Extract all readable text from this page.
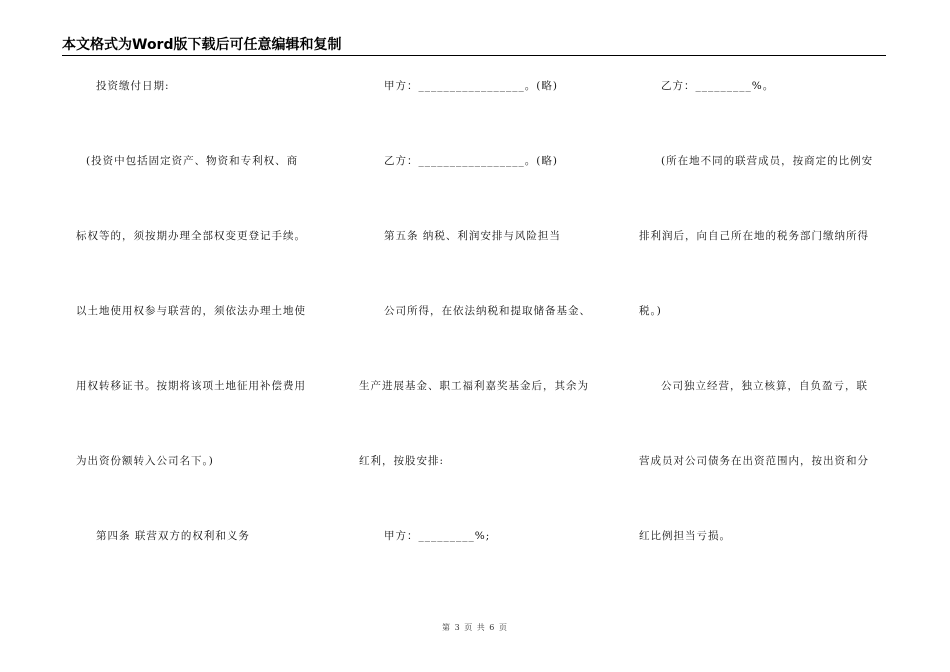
本文格式为Word版下载后可任意编辑和复制
投资缴付日期:
(投资中包括固定资产、物资和专利权、商
标权等的，须按期办理全部权变更登记手续。
以土地使用权参与联营的，须依法办理土地使
用权转移证书。按期将该项土地征用补偿费用
为出资份额转入公司名下。)
第四条 联营双方的权利和义务
甲方：_________________。(略)
乙方：_________________。(略)
第五条 纳税、利润安排与风险担当
公司所得，在依法纳税和提取储备基金、
生产进展基金、职工福利嘉奖基金后，其余为
红利，按股安排:
甲方：_________%;
乙方：_________%。
(所在地不同的联营成员，按商定的比例安
排利润后，向自己所在地的税务部门缴纳所得
税。)
公司独立经营，独立核算，自负盈亏，联
营成员对公司债务在出资范围内，按出资和分
红比例担当亏损。
第 3 页 共 6 页
